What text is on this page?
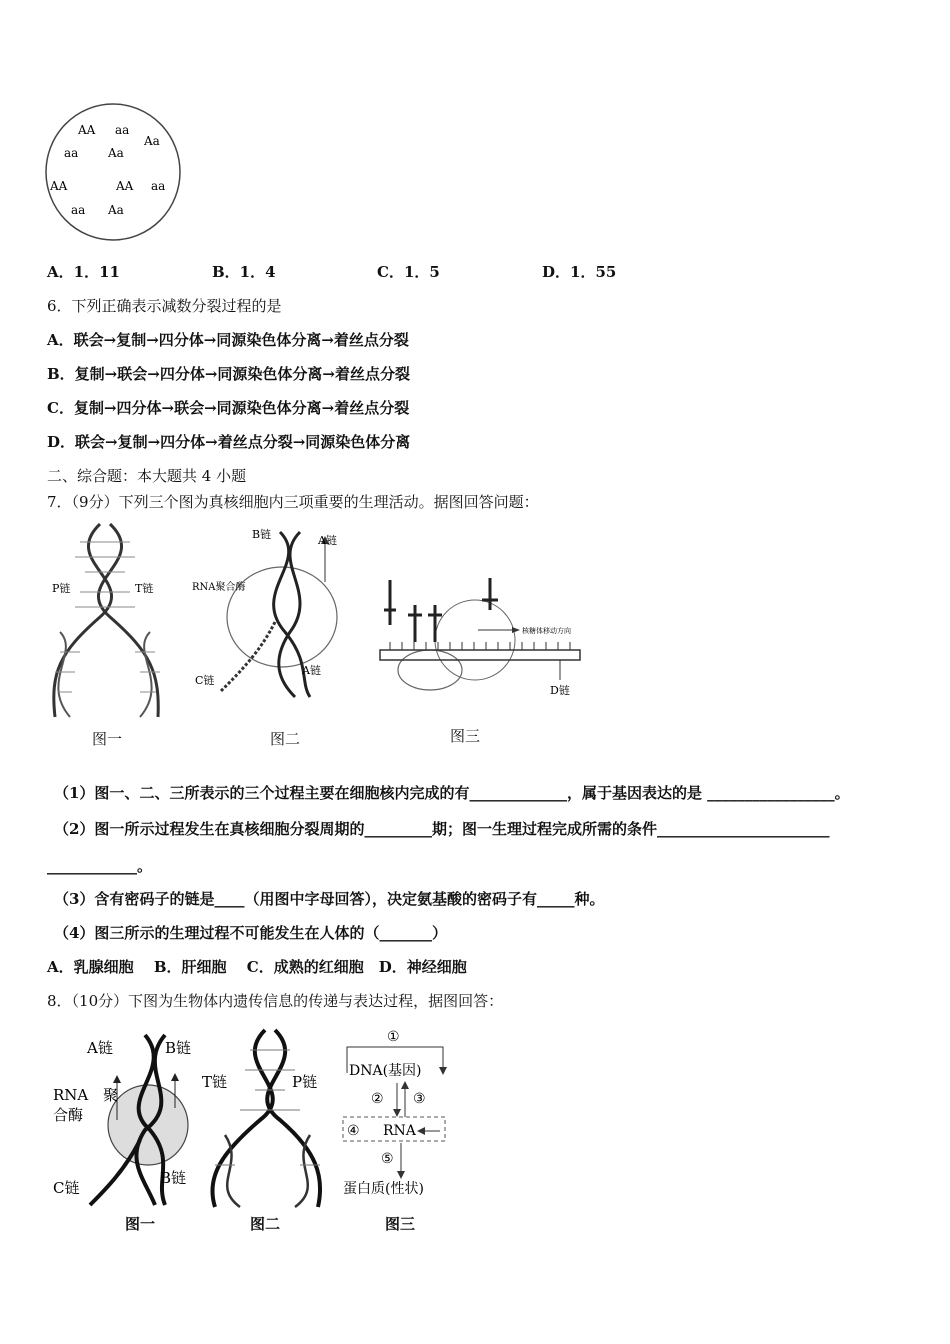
AA aa
Aa
aa Aa
AA	AA aa
aa Aa
A．1．11	B．1．4	C．1．5	D．1．55
6．下列正确表示减数分裂过程的是
A．联会→复制→四分体→同源染色体分离→着丝点分裂
B．复制→联会→四分体→同源染色体分离→着丝点分裂
C．复制→四分体→联会→同源染色体分离→着丝点分裂
D．联会→复制→四分体→着丝点分裂→同源染色体分离
二、综合题：本大题共 4 小题
7．（9分）下列三个图为真核细胞内三项重要的生理活动。据图回答问题：
P链	T链
图一
B链	A链
RNA聚合酶
C链
A链
图二
核糖体移动方向
D链
图三
（1）图一、二、三所表示的三个过程主要在细胞核内完成的有_____________，属于基因表达的是 _________________。
（2）图一所示过程发生在真核细胞分裂周期的_________期；图一生理过程完成所需的条件_______________________
____________。
（3）含有密码子的链是____（用图中字母回答），决定氨基酸的密码子有_____种。
（4）图三所示的生理过程不可能发生在人体的（_______）
A．乳腺细胞　 B．肝细胞　 C．成熟的红细胞　D．神经细胞
8．（10分）下图为生物体内遗传信息的传递与表达过程，据图回答：
A链	B链
RNA 聚
合酶
C链
B链
图一
T链	P链
图二
①
DNA(基因)
② ③
④ RNA
⑤
蛋白质(性状)
图三
